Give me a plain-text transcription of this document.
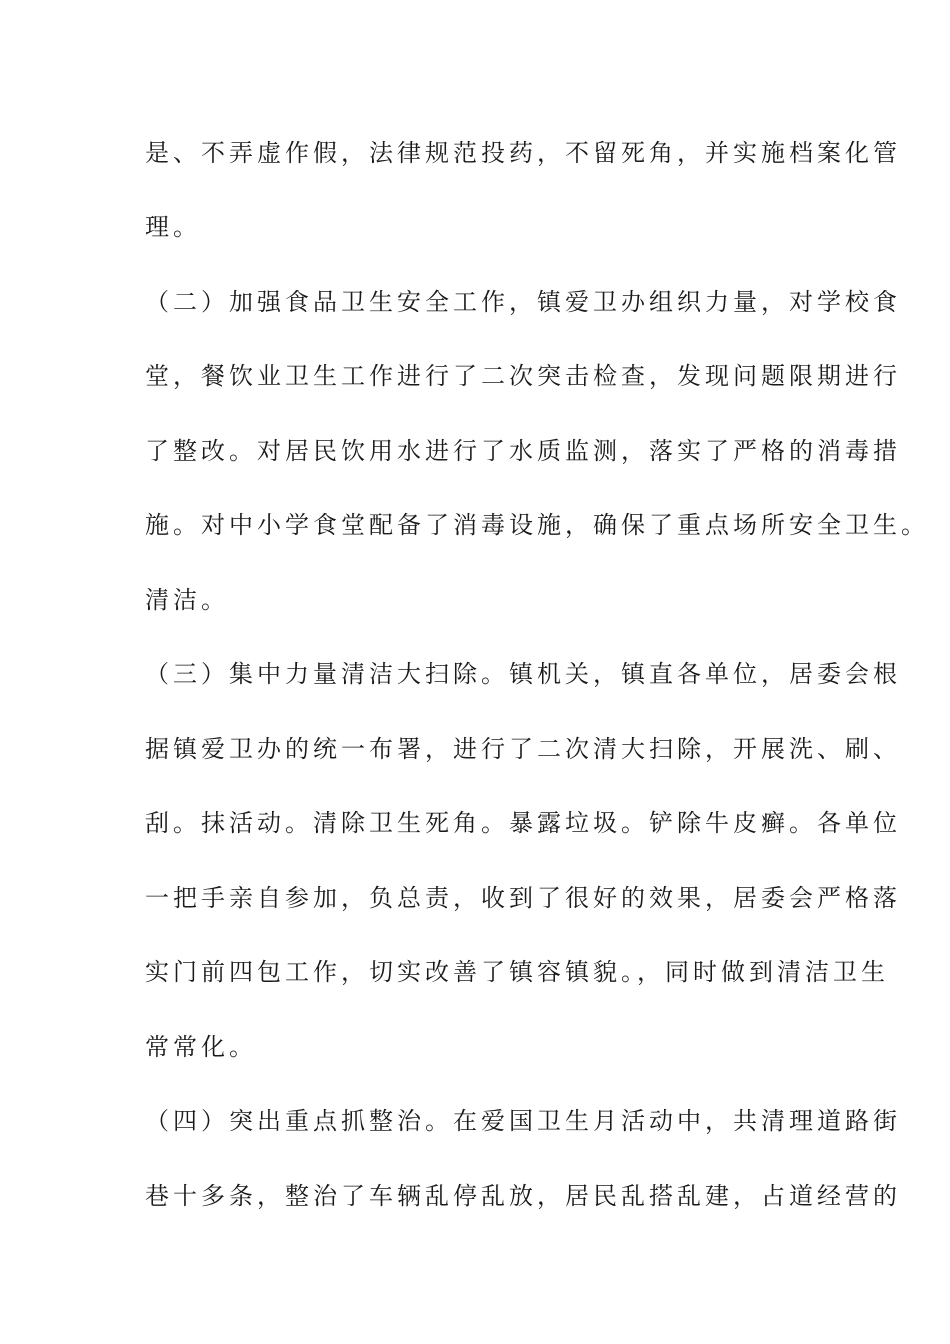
是、不弄虚作假，法律规范投药，不留死角，并实施档案化管
理。
（二）加强食品卫生安全工作，镇爱卫办组织力量，对学校食
堂，餐饮业卫生工作进行了二次突击检查，发现问题限期进行
了整改。对居民饮用水进行了水质监测，落实了严格的消毒措
施。对中小学食堂配备了消毒设施，确保了重点场所安全卫生。
清洁。
（三）集中力量清洁大扫除。镇机关，镇直各单位，居委会根
据镇爱卫办的统一布署，进行了二次清大扫除，开展洗、刷、
刮。抹活动。清除卫生死角。暴露垃圾。铲除牛皮癣。各单位
一把手亲自参加，负总责，收到了很好的效果，居委会严格落
实门前四包工作，切实改善了镇容镇貌。，同时做到清洁卫生
常常化。
（四）突出重点抓整治。在爱国卫生月活动中，共清理道路街
巷十多条，整治了车辆乱停乱放，居民乱搭乱建，占道经营的
